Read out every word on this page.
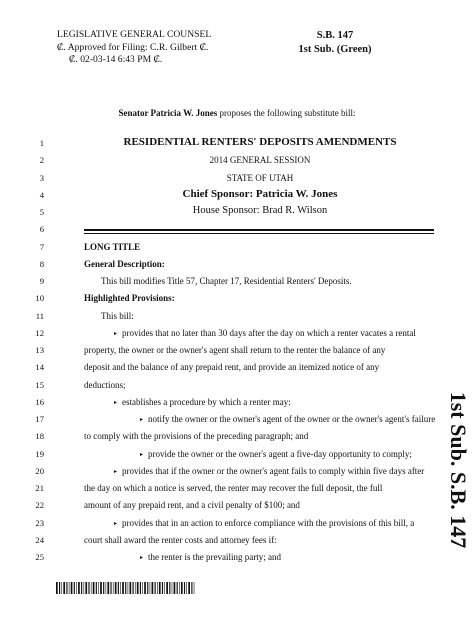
LEGISLATIVE GENERAL COUNSEL
₡. Approved for Filing: C.R. Gilbert ₡.
₡. 02-03-14 6:43 PM ₡.
S.B. 147
1st Sub. (Green)
Senator Patricia W. Jones proposes the following substitute bill:
1	RESIDENTIAL RENTERS' DEPOSITS AMENDMENTS
2	2014 GENERAL SESSION
3	STATE OF UTAH
4	Chief Sponsor: Patricia W. Jones
5	House Sponsor: Brad R. Wilson
6
7	LONG TITLE
8	General Description:
9	This bill modifies Title 57, Chapter 17, Residential Renters' Deposits.
10	Highlighted Provisions:
11	This bill:
12	▸ provides that no later than 30 days after the day on which a renter vacates a rental
13	property, the owner or the owner's agent shall return to the renter the balance of any
14	deposit and the balance of any prepaid rent, and provide an itemized notice of any
15	deductions;
16	▸ establishes a procedure by which a renter may:
17	▸ notify the owner or the owner's agent of the owner or the owner's agent's failure
18	to comply with the provisions of the preceding paragraph; and
19	▸ provide the owner or the owner's agent a five-day opportunity to comply;
20	▸ provides that if the owner or the owner's agent fails to comply within five days after
21	the day on which a notice is served, the renter may recover the full deposit, the full
22	amount of any prepaid rent, and a civil penalty of $100; and
23	▸ provides that in an action to enforce compliance with the provisions of this bill, a
24	court shall award the renter costs and attorney fees if:
25	▸ the renter is the prevailing party; and
1st Sub. S.B. 147
